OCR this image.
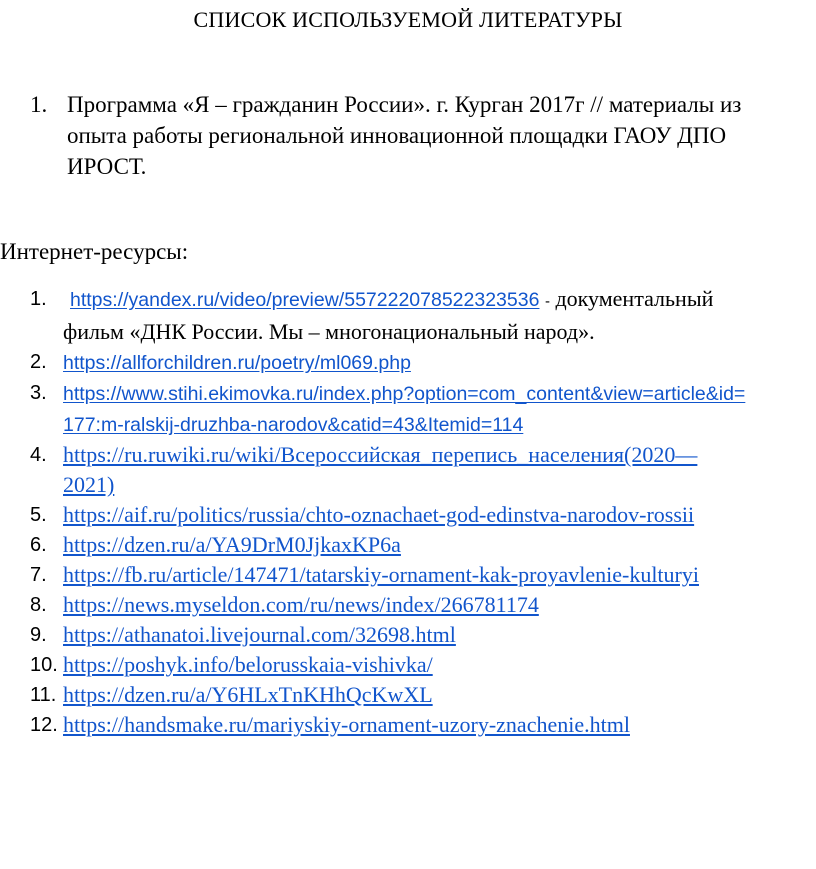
СПИСОК ИСПОЛЬЗУЕМОЙ ЛИТЕРАТУРЫ
1. Программа «Я – гражданин России». г. Курган 2017г // материалы из
опыта работы региональной инновационной площадки ГАОУ ДПО
ИРОСТ.
Интернет-ресурсы:
1. https://yandex.ru/video/preview/557222078522323536 - документальный
фильм «ДНК России. Мы – многонациональный народ».
2. https://allforchildren.ru/poetry/ml069.php
3. https://www.stihi.ekimovka.ru/index.php?option=com_content&view=article&id=
177:m-ralskij-druzhba-narodov&catid=43&Itemid=114
4. https://ru.ruwiki.ru/wiki/Всероссийская_перепись_населения(2020—
2021)
5. https://aif.ru/politics/russia/chto-oznachaet-god-edinstva-narodov-rossii
6. https://dzen.ru/a/YA9DrM0JjkaxKP6a
7. https://fb.ru/article/147471/tatarskiy-ornament-kak-proyavlenie-kulturyi
8. https://news.myseldon.com/ru/news/index/266781174
9. https://athanatoi.livejournal.com/32698.html
10. https://poshyk.info/belorusskaia-vishivka/
11. https://dzen.ru/a/Y6HLxTnKHhQcKwXL
12. https://handsmake.ru/mariyskiy-ornament-uzory-znachenie.html
